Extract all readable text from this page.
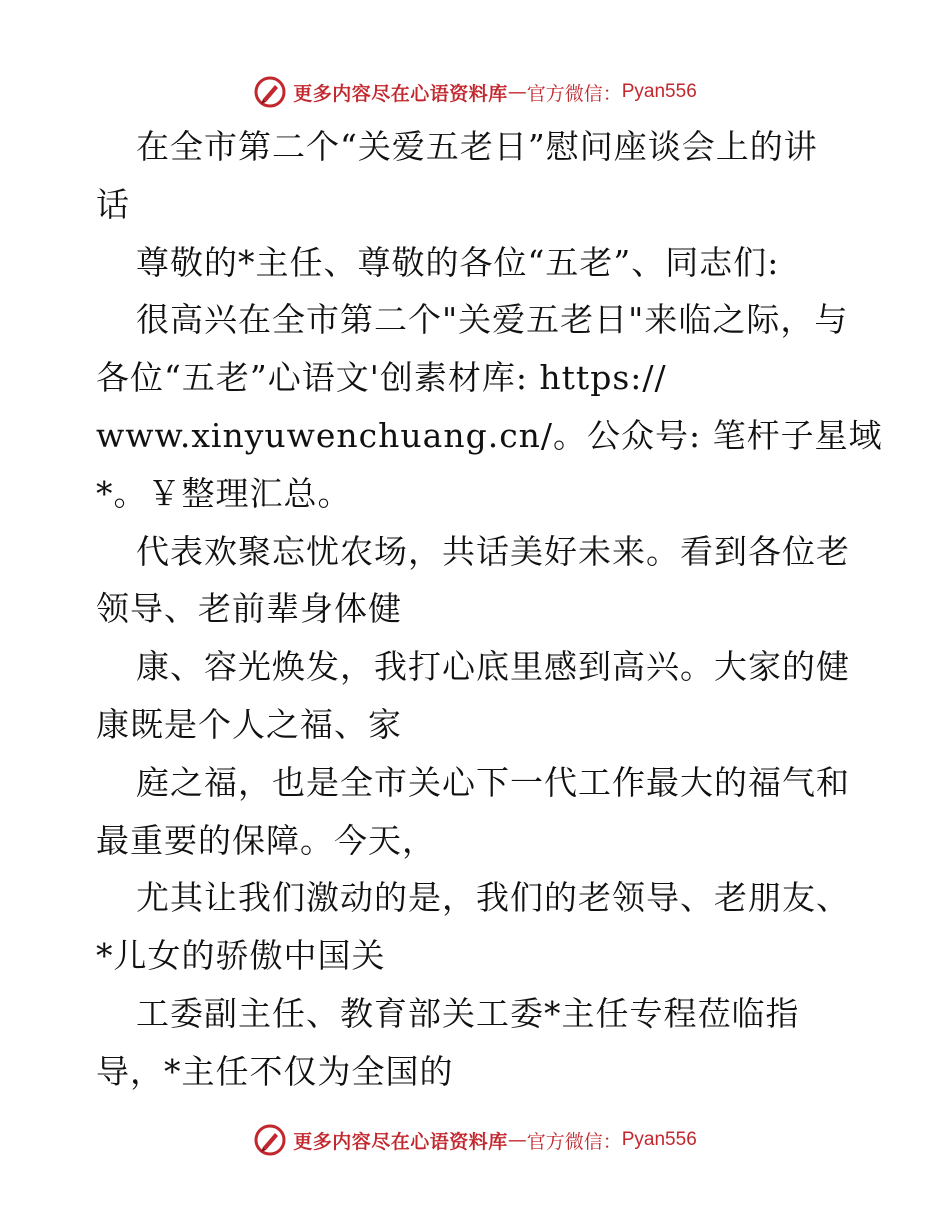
更多内容尽在心语资料库 — 官方微信： Pyan556
在全市第二个“关爱五老日”慰问座谈会上的讲
话
尊敬的*主任、尊敬的各位“五老”、同志们:
很高兴在全市第二个"关爱五老日"来临之际，与
各位“五老”心语文'创素材库: https://
www.xinyuwenchuang.cn/。公众号: 笔杆子星域
*。￥整理汇总。
代表欢聚忘忧农场，共话美好未来。看到各位老
领导、老前辈身体健
康、容光焕发，我打心底里感到高兴。大家的健
康既是个人之福、家
庭之福，也是全市关心下一代工作最大的福气和
最重要的保障。今天，
尤其让我们激动的是，我们的老领导、老朋友、
*儿女的骄傲中国关
工委副主任、教育部关工委*主任专程莅临指
导，*主任不仅为全国的
更多内容尽在心语资料库 — 官方微信： Pyan556
